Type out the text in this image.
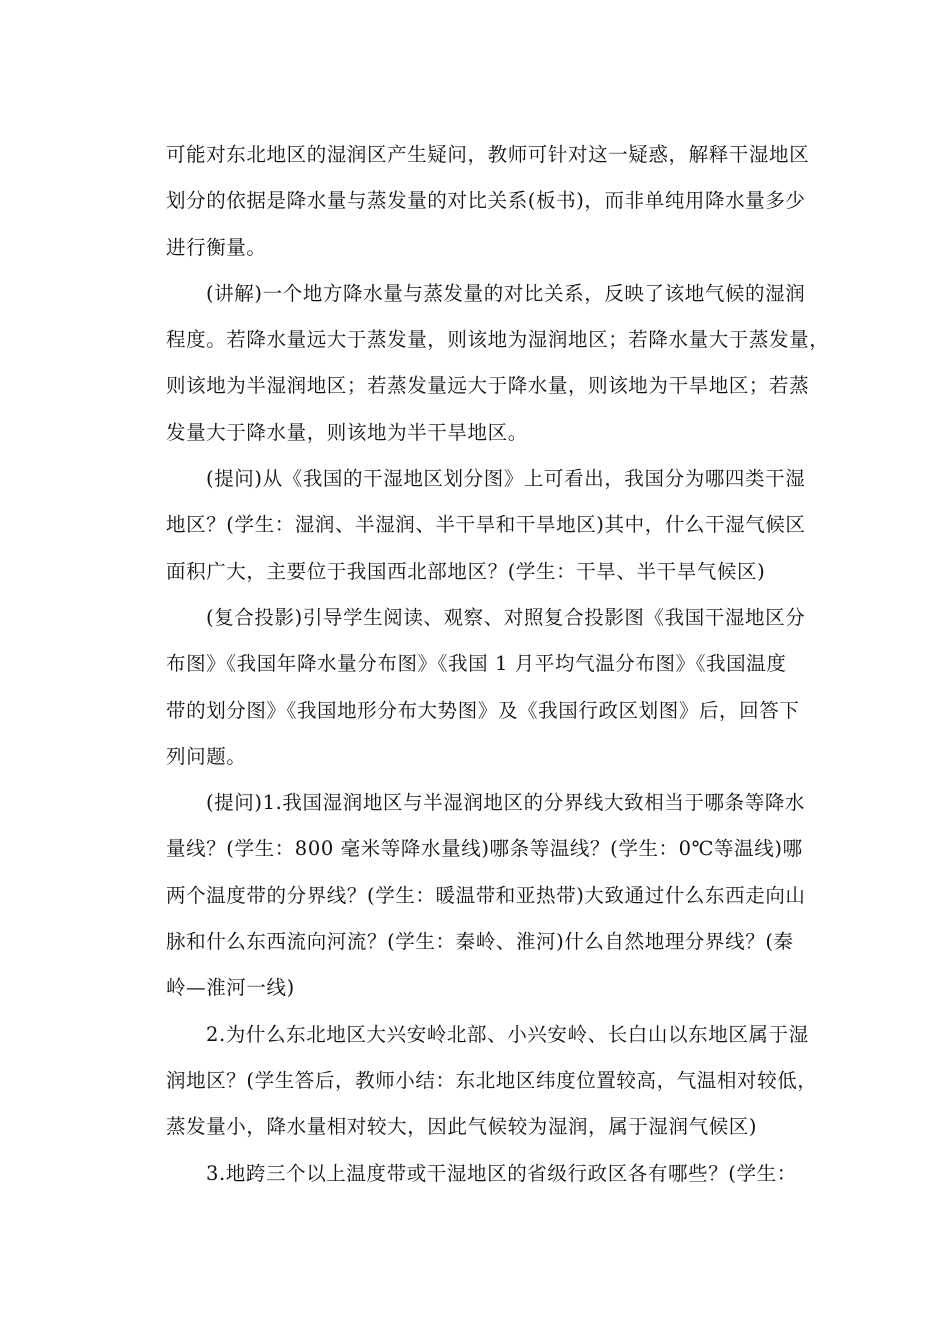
可能对东北地区的湿润区产生疑问，教师可针对这一疑惑，解释干湿地区
划分的依据是降水量与蒸发量的对比关系(板书)，而非单纯用降水量多少
进行衡量。
(讲解)一个地方降水量与蒸发量的对比关系，反映了该地气候的湿润
程度。若降水量远大于蒸发量，则该地为湿润地区；若降水量大于蒸发量，
则该地为半湿润地区；若蒸发量远大于降水量，则该地为干旱地区；若蒸
发量大于降水量，则该地为半干旱地区。
(提问)从《我国的干湿地区划分图》上可看出，我国分为哪四类干湿
地区？(学生：湿润、半湿润、半干旱和干旱地区)其中，什么干湿气候区
面积广大，主要位于我国西北部地区？(学生：干旱、半干旱气候区)
(复合投影)引导学生阅读、观察、对照复合投影图《我国干湿地区分
布图》《我国年降水量分布图》《我国 1 月平均气温分布图》《我国温度
带的划分图》《我国地形分布大势图》及《我国行政区划图》后，回答下
列问题。
(提问)1.我国湿润地区与半湿润地区的分界线大致相当于哪条等降水
量线？(学生：800 毫米等降水量线)哪条等温线？(学生：0℃等温线)哪
两个温度带的分界线？(学生：暖温带和亚热带)大致通过什么东西走向山
脉和什么东西流向河流？(学生：秦岭、淮河)什么自然地理分界线？(秦
岭—淮河一线)
2.为什么东北地区大兴安岭北部、小兴安岭、长白山以东地区属于湿
润地区？(学生答后，教师小结：东北地区纬度位置较高，气温相对较低，
蒸发量小，降水量相对较大，因此气候较为湿润，属于湿润气候区)
3.地跨三个以上温度带或干湿地区的省级行政区各有哪些？(学生：
